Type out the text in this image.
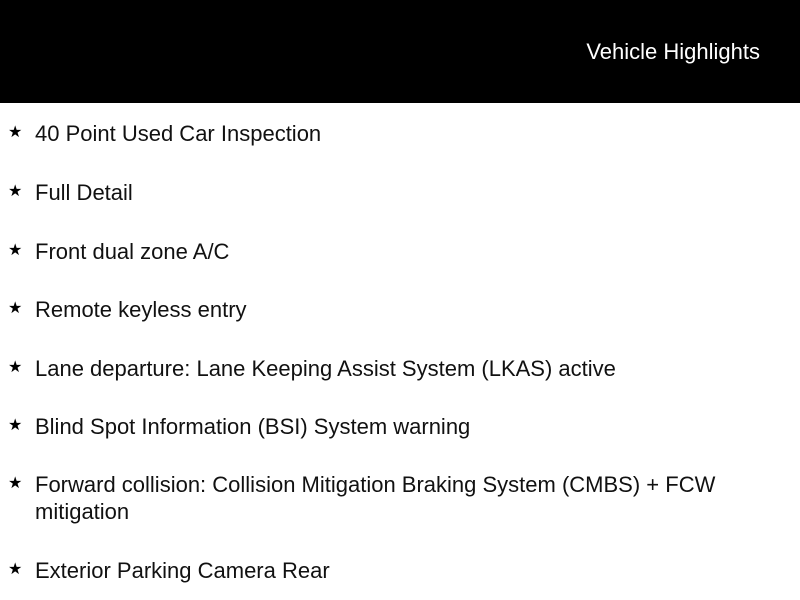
Vehicle Highlights
★ 40 Point Used Car Inspection
★ Full Detail
★ Front dual zone A/C
★ Remote keyless entry
★ Lane departure: Lane Keeping Assist System (LKAS) active
★ Blind Spot Information (BSI) System warning
★ Forward collision: Collision Mitigation Braking System (CMBS) + FCW mitigation
★ Exterior Parking Camera Rear
